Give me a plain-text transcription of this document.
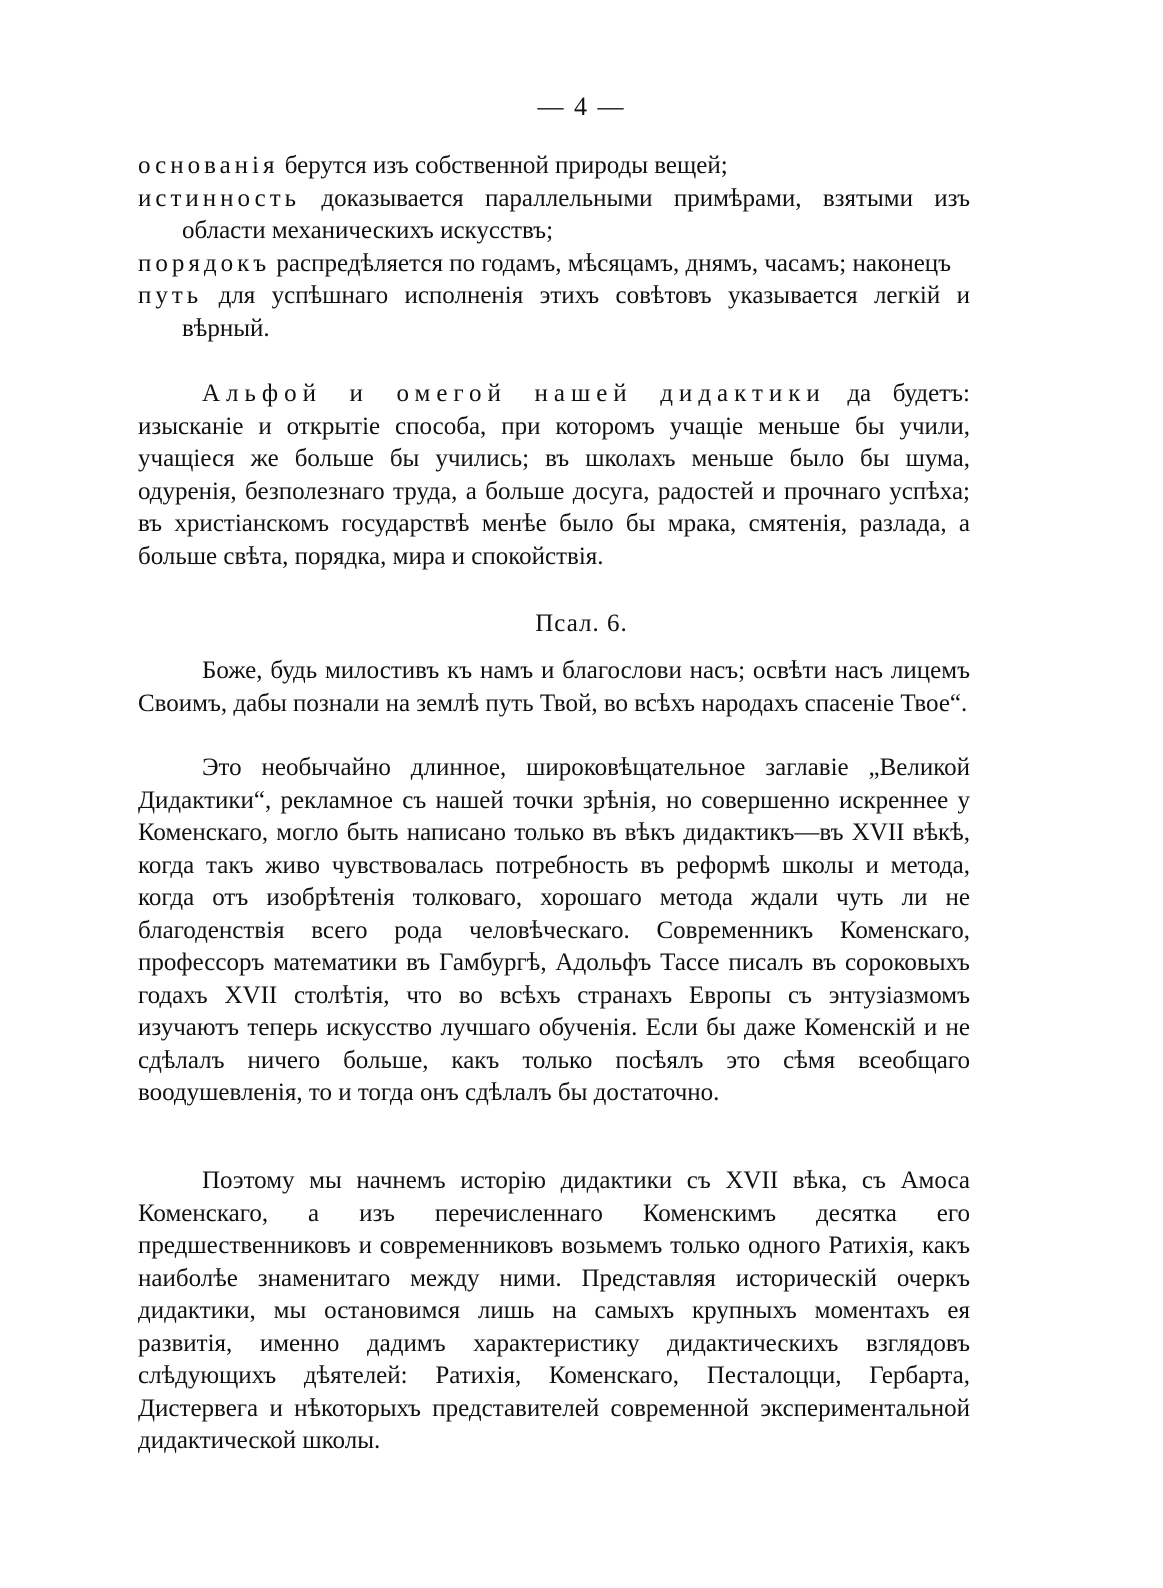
— 4 —

основанія берутся изъ собственной природы вещей;

истинность доказывается параллельными примѣрами, взятыми изъ области механическихъ искусствъ;

порядокъ распредѣляется по годамъ, мѣсяцамъ, днямъ, часамъ; наконецъ

путь для успѣшнаго исполненія этихъ совѣтовъ указывается легкій и вѣрный.

Альфой и омегой нашей дидактики да будетъ: изысканіе и открытіе способа, при которомъ учащіе меньше бы учили, учащіеся же больше бы учились; въ школахъ меньше было бы шума, одуренія, безполезнаго труда, а больше досуга, радостей и прочнаго успѣха; въ христіанскомъ государствѣ менѣе было бы мрака, смятенія, разлада, а больше свѣта, порядка, мира и спокойствія.

Псал. 6.

Боже, будь милостивъ къ намъ и благослови насъ; освѣти насъ лицемъ Своимъ, дабы познали на землѣ путь Твой, во всѣхъ народахъ спасеніе Твое“.

Это необычайно длинное, широковѣщательное заглавіе „Великой Дидактики“, рекламное съ нашей точки зрѣнія, но совершенно искреннее у Коменскаго, могло быть написано только въ вѣкъ дидактикъ—въ XVII вѣкѣ, когда такъ живо чувствовалась потребность въ реформѣ школы и метода, когда отъ изобрѣтенія толковаго, хорошаго метода ждали чуть ли не благоденствія всего рода человѣческаго. Современникъ Коменскаго, профессоръ математики въ Гамбургѣ, Адольфъ Тассе писалъ въ сороковыхъ годахъ XVII столѣтія, что во всѣхъ странахъ Европы съ энтузіазмомъ изучаютъ теперь искусство лучшаго обученія. Если бы даже Коменскій и не сдѣлалъ ничего больше, какъ только посѣялъ это сѣмя всеобщаго воодушевленія, то и тогда онъ сдѣлалъ бы достаточно.

Поэтому мы начнемъ исторію дидактики съ XVII вѣка, съ Амоса Коменскаго, а изъ перечисленнаго Коменскимъ десятка его предшественниковъ и современниковъ возьмемъ только одного Ратихія, какъ наиболѣе знаменитаго между ними. Представляя историческій очеркъ дидактики, мы остановимся лишь на самыхъ крупныхъ моментахъ ея развитія, именно дадимъ характеристику дидактическихъ взглядовъ слѣдующихъ дѣятелей: Ратихія, Коменскаго, Песталоцци, Гербарта, Дистервега и нѣкоторыхъ представителей современной экспериментальной дидактической школы.
